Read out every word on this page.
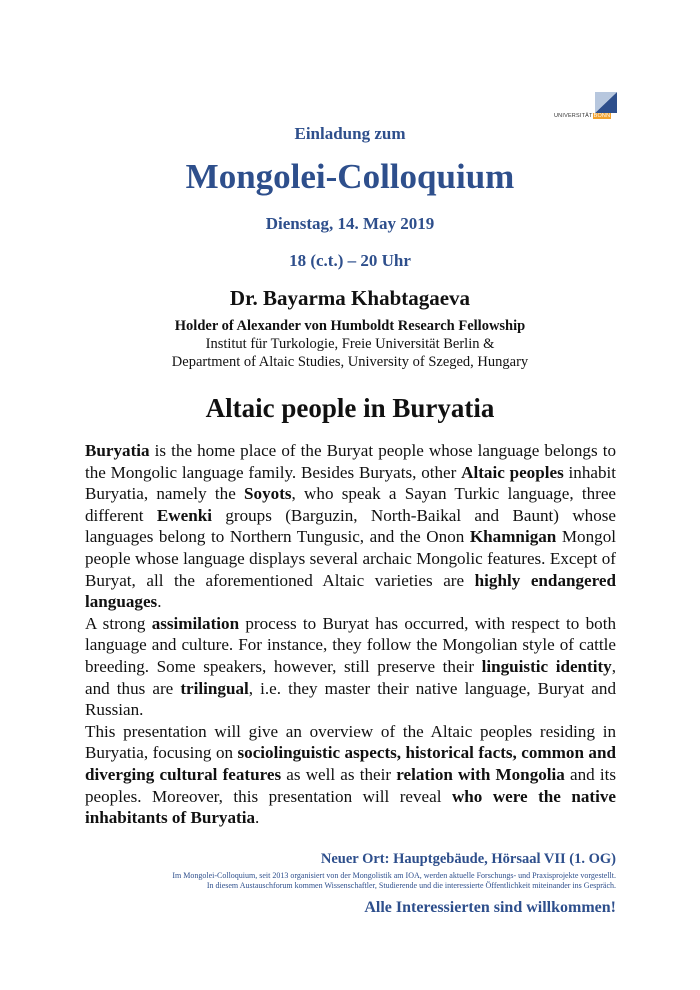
UNIVERSITÄTBONN
Einladung zum
Mongolei-Colloquium
Dienstag, 14. May 2019
18 (c.t.) – 20 Uhr
Dr. Bayarma Khabtagaeva
Holder of Alexander von Humboldt Research Fellowship
Institut für Turkologie, Freie Universität Berlin &
Department of Altaic Studies, University of Szeged, Hungary
Altaic people in Buryatia

Buryatia is the home place of the Buryat people whose language belongs to the Mongolic language family. Besides Buryats, other Altaic peoples inhabit Buryatia, namely the Soyots, who speak a Sayan Turkic language, three different Ewenki groups (Barguzin, North-Baikal and Baunt) whose languages belong to Northern Tungusic, and the Onon Khamnigan Mongol people whose language displays several archaic Mongolic features. Except of Buryat, all the aforementioned Altaic varieties are highly endangered languages.

A strong assimilation process to Buryat has occurred, with respect to both language and culture. For instance, they follow the Mongolian style of cattle breeding. Some speakers, however, still preserve their linguistic identity, and thus are trilingual, i.e. they master their native language, Buryat and Russian.

This presentation will give an overview of the Altaic peoples residing in Buryatia, focusing on sociolinguistic aspects, historical facts, common and diverging cultural features as well as their relation with Mongolia and its peoples. Moreover, this presentation will reveal who were the native inhabitants of Buryatia.

Neuer Ort: Hauptgebäude, Hörsaal VII (1. OG)
Im Mongolei-Colloquium, seit 2013 organisiert von der Mongolistik am IOA, werden aktuelle Forschungs- und Praxisprojekte vorgestellt.
In diesem Austauschforum kommen Wissenschaftler, Studierende und die interessierte Öffentlichkeit miteinander ins Gespräch.
Alle Interessierten sind willkommen!
